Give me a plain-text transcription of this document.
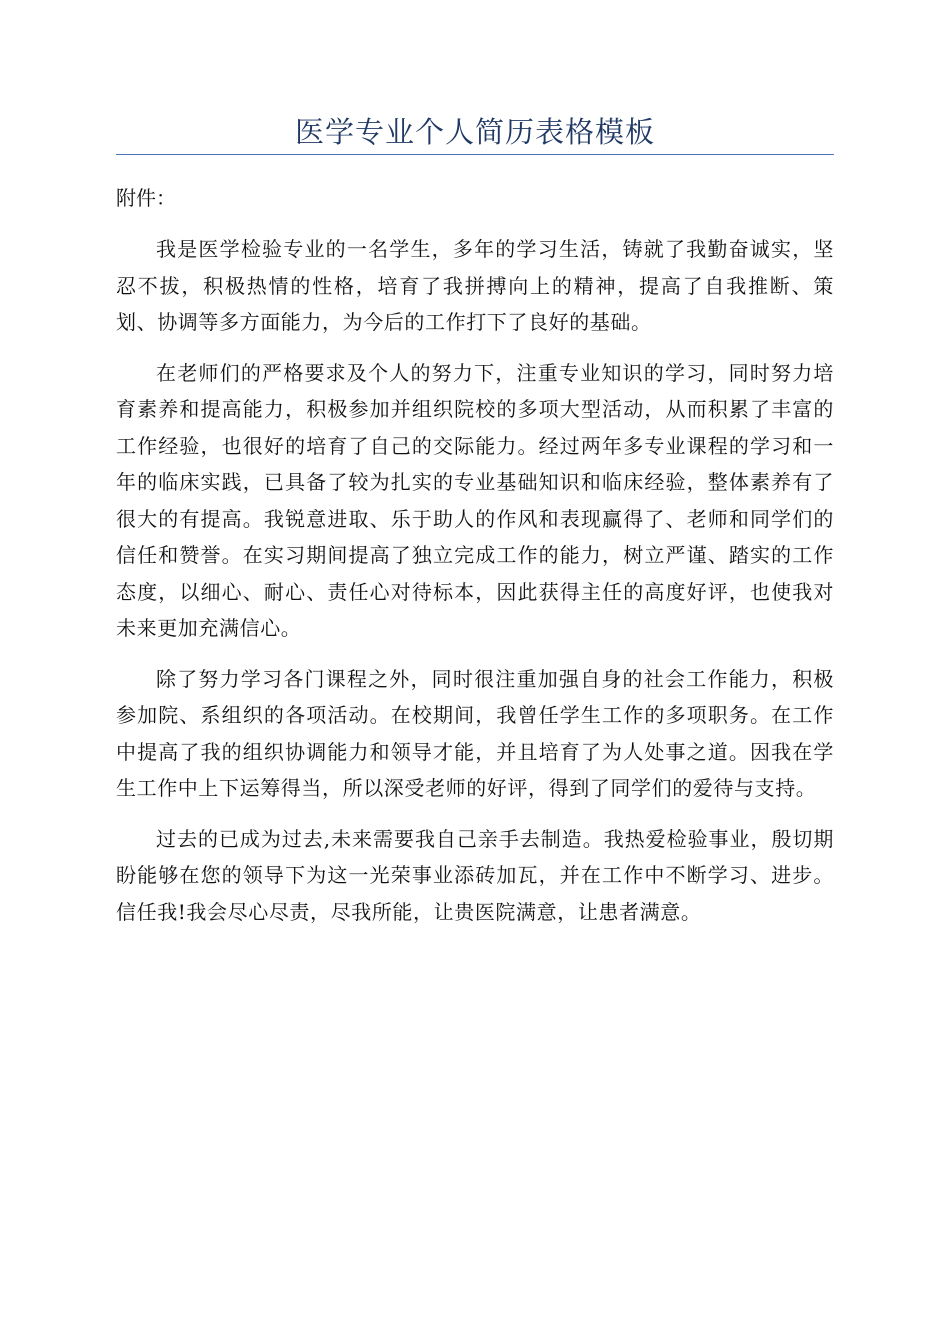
医学专业个人简历表格模板
附件：

我是医学检验专业的一名学生，多年的学习生活，铸就了我勤奋诚实，坚忍不拔，积极热情的性格，培育了我拼搏向上的精神，提高了自我推断、策划、协调等多方面能力，为今后的工作打下了良好的基础。

在老师们的严格要求及个人的努力下，注重专业知识的学习，同时努力培育素养和提高能力，积极参加并组织院校的多项大型活动，从而积累了丰富的工作经验，也很好的培育了自己的交际能力。经过两年多专业课程的学习和一年的临床实践，已具备了较为扎实的专业基础知识和临床经验，整体素养有了很大的有提高。我锐意进取、乐于助人的作风和表现赢得了、老师和同学们的信任和赞誉。在实习期间提高了独立完成工作的能力，树立严谨、踏实的工作态度，以细心、耐心、责任心对待标本，因此获得主任的高度好评，也使我对未来更加充满信心。

除了努力学习各门课程之外，同时很注重加强自身的社会工作能力，积极参加院、系组织的各项活动。在校期间，我曾任学生工作的多项职务。在工作中提高了我的组织协调能力和领导才能，并且培育了为人处事之道。因我在学生工作中上下运筹得当，所以深受老师的好评，得到了同学们的爱待与支持。

过去的已成为过去,未来需要我自己亲手去制造。我热爱检验事业，殷切期盼能够在您的领导下为这一光荣事业添砖加瓦，并在工作中不断学习、进步。信任我!我会尽心尽责，尽我所能，让贵医院满意，让患者满意。
